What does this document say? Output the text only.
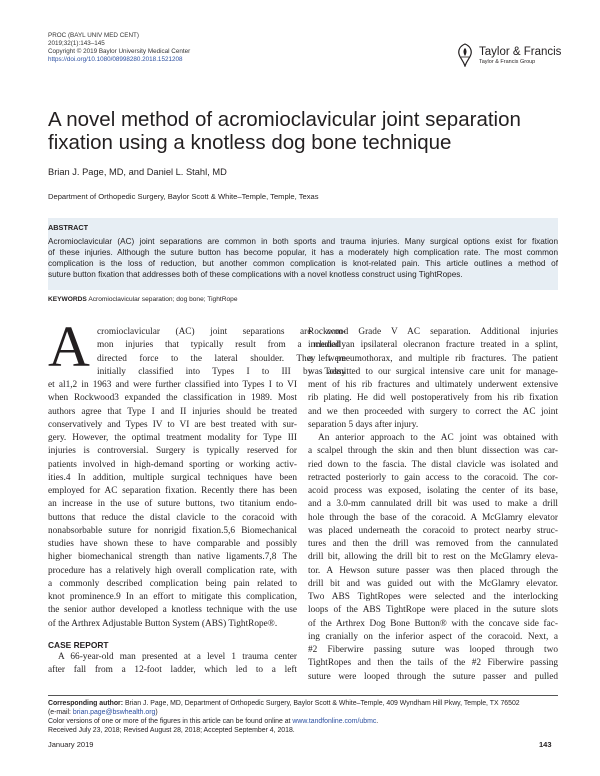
PROC (BAYL UNIV MED CENT)
2019;32(1):143–145
Copyright © 2019 Baylor University Medical Center
https://doi.org/10.1080/08998280.2018.1521208
Taylor & Francis
Taylor & Francis Group
A novel method of acromioclavicular joint separation
fixation using a knotless dog bone technique
Brian J. Page, MD, and Daniel L. Stahl, MD
Department of Orthopedic Surgery, Baylor Scott & White–Temple, Temple, Texas
ABSTRACT
Acromioclavicular (AC) joint separations are common in both sports and trauma injuries. Many surgical options exist for fixation
of these injuries. Although the suture button has become popular, it has a moderately high complication rate. The most common
complication is the loss of reduction, but another common complication is knot-related pain. This article outlines a method of
suture button fixation that addresses both of these complications with a novel knotless construct using TightRopes.
KEYWORDS Acromioclavicular separation; dog bone; TightRope
A cromioclavicular (AC) joint separations are com-
mon injuries that typically result from a medially
directed force to the lateral shoulder. They were
initially classified into Types I to III by Tossy
et al1,2 in 1963 and were further classified into Types I to VI
when Rockwood3 expanded the classification in 1989. Most
authors agree that Type I and II injuries should be treated
conservatively and Types IV to VI are best treated with sur-
gery. However, the optimal treatment modality for Type III
injuries is controversial. Surgery is typically reserved for
patients involved in high-demand sporting or working activ-
ities.4 In addition, multiple surgical techniques have been
employed for AC separation fixation. Recently there has been
an increase in the use of suture buttons, two titanium endo-
buttons that reduce the distal clavicle to the coracoid with
nonabsorbable suture for nonrigid fixation.5,6 Biomechanical
studies have shown these to have comparable and possibly
higher biomechanical strength than native ligaments.7,8 The
procedure has a relatively high overall complication rate, with
a commonly described complication being pain related to
knot prominence.9 In an effort to mitigate this complication,
the senior author developed a knotless technique with the use
of the Arthrex Adjustable Button System (ABS) TightRope®.
CASE REPORT
A 66-year-old man presented at a level 1 trauma center
after fall from a 12-foot ladder, which led to a left
Rockwood Grade V AC separation. Additional injuries
included an ipsilateral olecranon fracture treated in a splint,
a left pneumothorax, and multiple rib fractures. The patient
was admitted to our surgical intensive care unit for manage-
ment of his rib fractures and ultimately underwent extensive
rib plating. He did well postoperatively from his rib fixation
and we then proceeded with surgery to correct the AC joint
separation 5 days after injury.
An anterior approach to the AC joint was obtained with
a scalpel through the skin and then blunt dissection was car-
ried down to the fascia. The distal clavicle was isolated and
retracted posteriorly to gain access to the coracoid. The cor-
acoid process was exposed, isolating the center of its base,
and a 3.0-mm cannulated drill bit was used to make a drill
hole through the base of the coracoid. A McGlamry elevator
was placed underneath the coracoid to protect nearby struc-
tures and then the drill was removed from the cannulated
drill bit, allowing the drill bit to rest on the McGlamry eleva-
tor. A Hewson suture passer was then placed through the
drill bit and was guided out with the McGlamry elevator.
Two ABS TightRopes were selected and the interlocking
loops of the ABS TightRope were placed in the suture slots
of the Arthrex Dog Bone Button® with the concave side fac-
ing cranially on the inferior aspect of the coracoid. Next, a
#2 Fiberwire passing suture was looped through two
TightRopes and then the tails of the #2 Fiberwire passing
suture were looped through the suture passer and pulled
Corresponding author: Brian J. Page, MD, Department of Orthopedic Surgery, Baylor Scott & White–Temple, 409 Wyndham Hill Pkwy, Temple, TX 76502
(e-mail: brian.page@bswhealth.org)
Color versions of one or more of the figures in this article can be found online at www.tandfonline.com/ubmc.
Received July 23, 2018; Revised August 28, 2018; Accepted September 4, 2018.
January 2019	143
